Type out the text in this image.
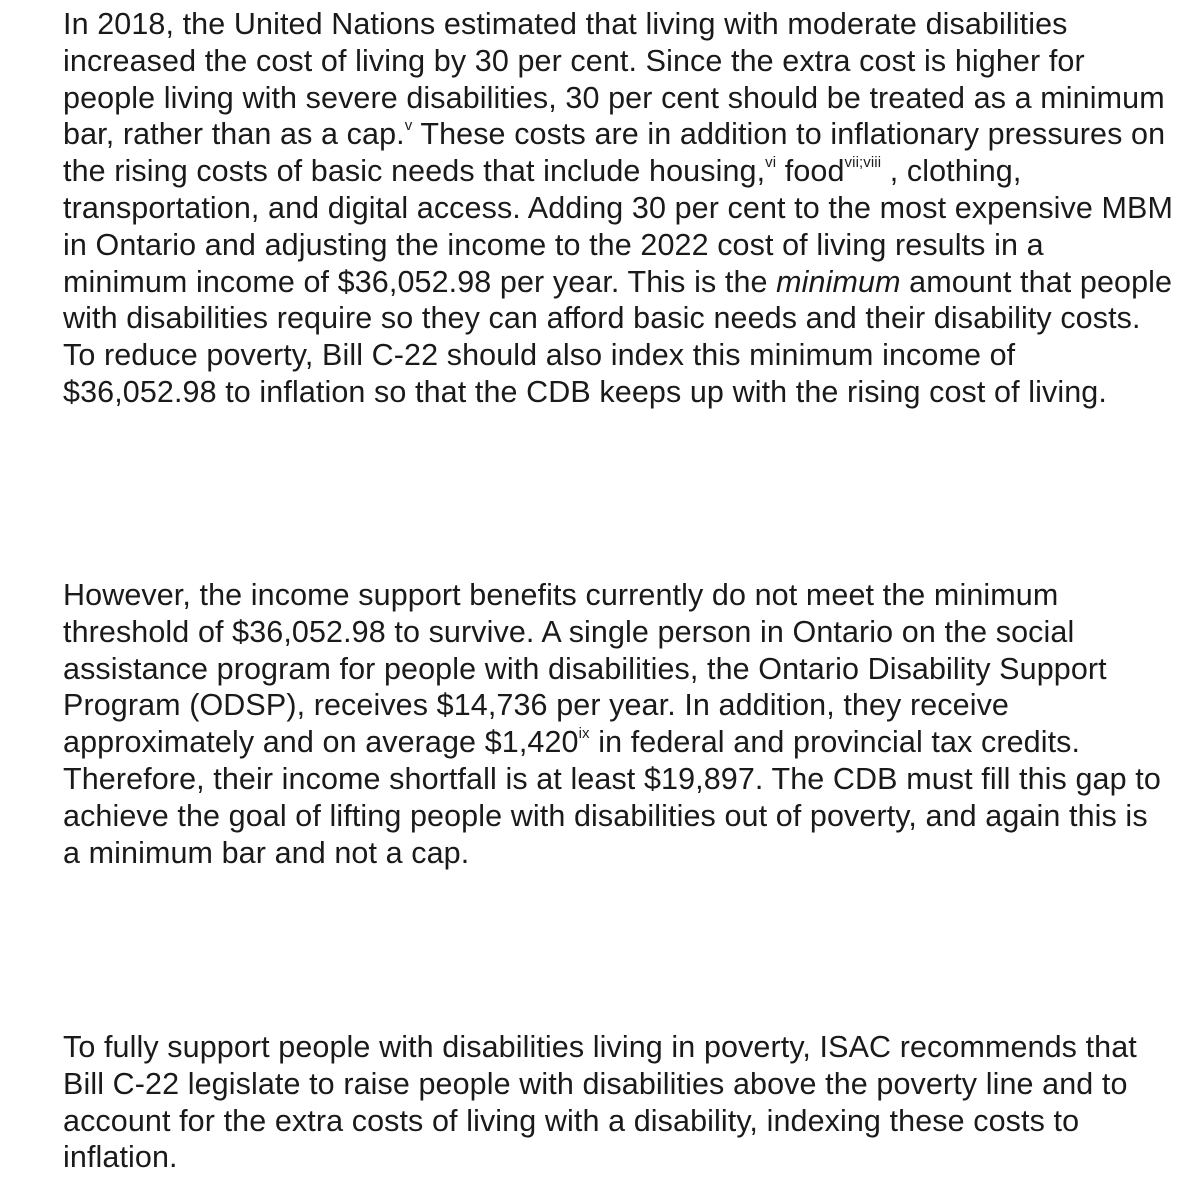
In 2018, the United Nations estimated that living with moderate disabilities increased the cost of living by 30 per cent. Since the extra cost is higher for people living with severe disabilities, 30 per cent should be treated as a minimum bar, rather than as a cap.$^v$ These costs are in addition to inflationary pressures on the rising costs of basic needs that include housing,$^{vi}$ food$^{vii;viii}$ , clothing, transportation, and digital access. Adding 30 per cent to the most expensive MBM in Ontario and adjusting the income to the 2022 cost of living results in a minimum income of $36,052.98 per year. This is the minimum amount that people with disabilities require so they can afford basic needs and their disability costs. To reduce poverty, Bill C-22 should also index this minimum income of $36,052.98 to inflation so that the CDB keeps up with the rising cost of living.

However, the income support benefits currently do not meet the minimum threshold of $36,052.98 to survive. A single person in Ontario on the social assistance program for people with disabilities, the Ontario Disability Support Program (ODSP), receives $14,736 per year. In addition, they receive approximately and on average $1,420$^{ix}$ in federal and provincial tax credits. Therefore, their income shortfall is at least $19,897. The CDB must fill this gap to achieve the goal of lifting people with disabilities out of poverty, and again this is a minimum bar and not a cap.

To fully support people with disabilities living in poverty, ISAC recommends that Bill C-22 legislate to raise people with disabilities above the poverty line and to account for the extra costs of living with a disability, indexing these costs to inflation.
